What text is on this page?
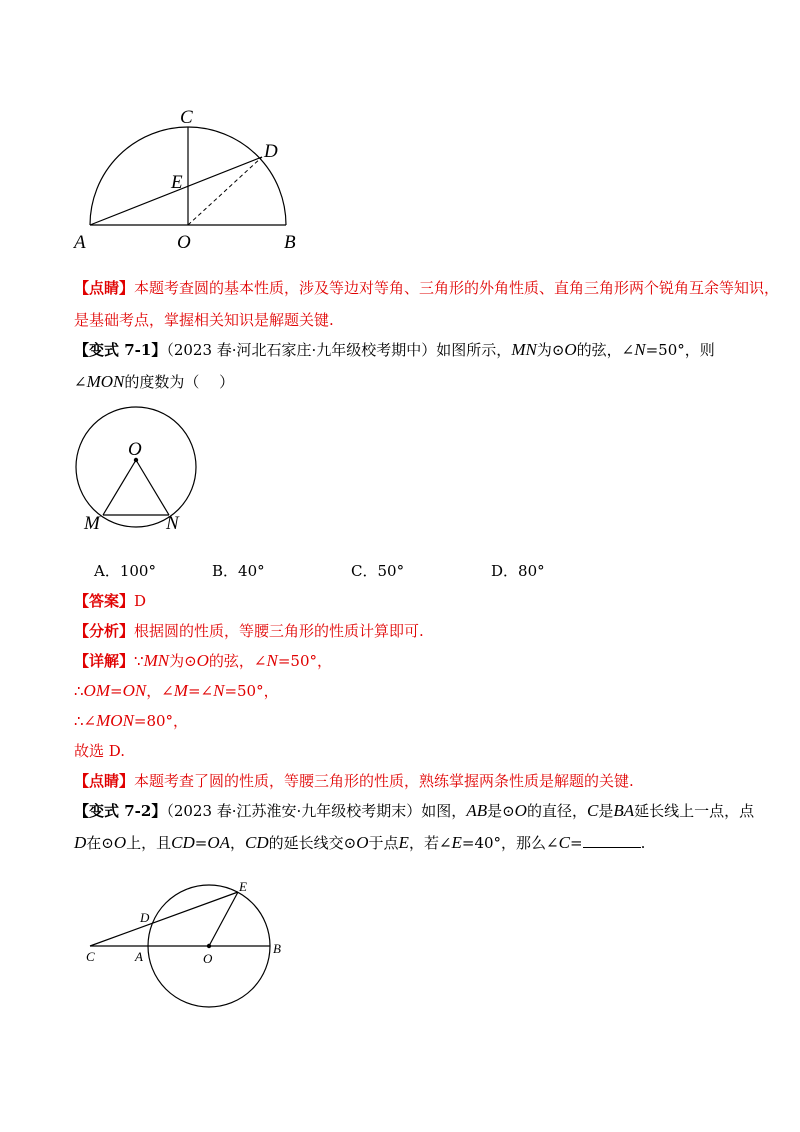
C
D
E
A	O	B
【点睛】本题考查圆的基本性质，涉及等边对等角、三角形的外角性质、直角三角形两个锐角互余等知识，
是基础考点，掌握相关知识是解题关键.
【变式 7-1】（2023 春·河北石家庄·九年级校考期中）如图所示，MN为⊙O的弦，∠N=50°，则
∠MON的度数为（　 ）
O
M	N
A．100°	B．40°	C．50°	D．80°
【答案】D
【分析】根据圆的性质，等腰三角形的性质计算即可.
【详解】∵MN为⊙O的弦，∠N=50°，
∴OM=ON，∠M=∠N=50°，
∴∠MON=80°，
故选 D.
【点睛】本题考查了圆的性质，等腰三角形的性质，熟练掌握两条性质是解题的关键.
【变式 7-2】（2023 春·江苏淮安·九年级校考期末）如图，AB是⊙O的直径，C是BA延长线上一点，点
D在⊙O上，且CD=OA，CD的延长线交⊙O于点E，若∠E=40°，那么∠C=	.
E
D
C	A	O
B
